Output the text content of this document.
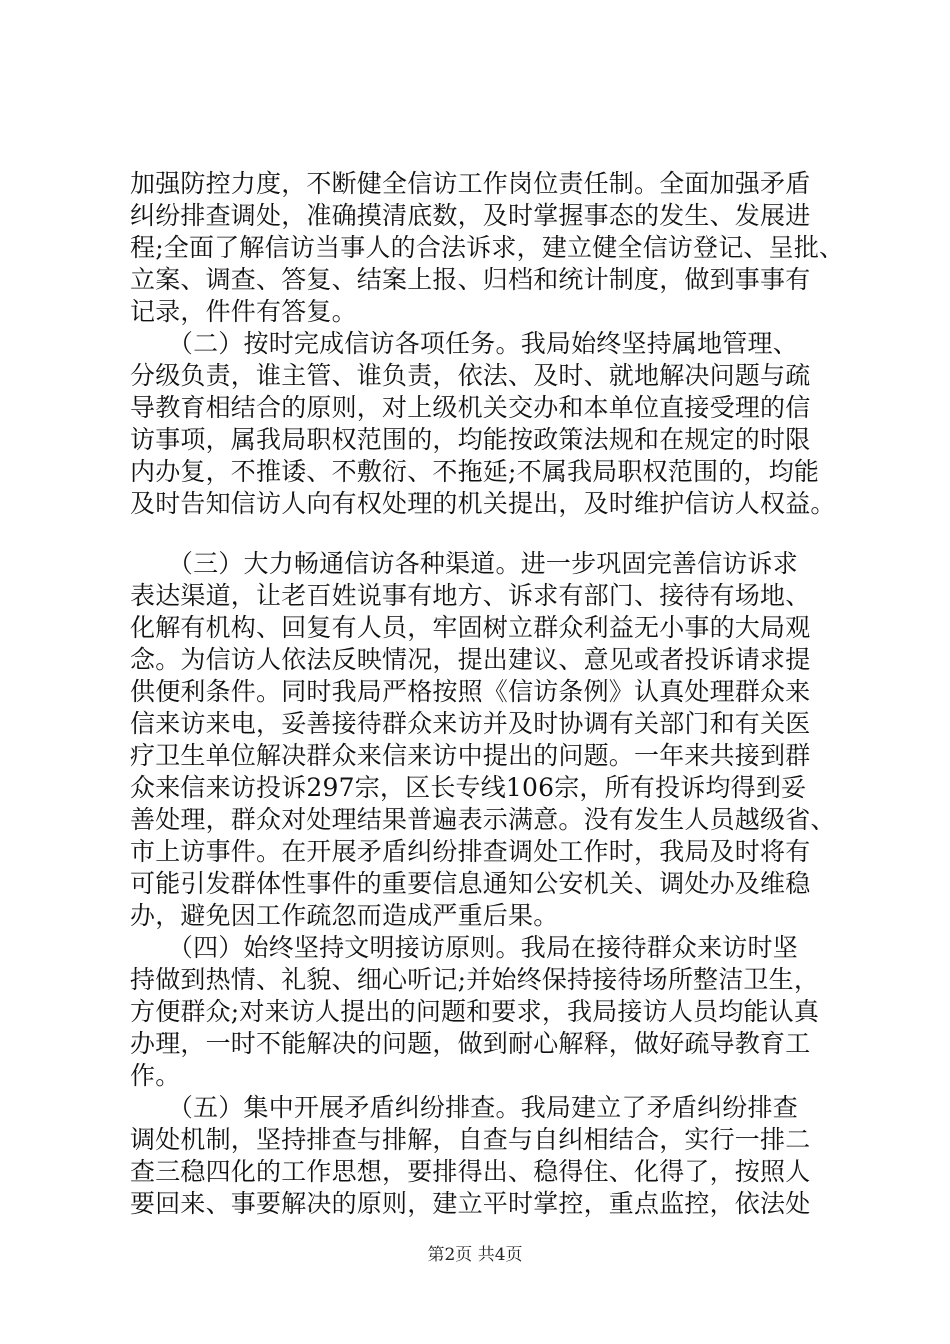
加强防控力度，不断健全信访工作岗位责任制。全面加强矛盾
纠纷排查调处，准确摸清底数，及时掌握事态的发生、发展进
程;全面了解信访当事人的合法诉求，建立健全信访登记、呈批、
立案、调查、答复、结案上报、归档和统计制度，做到事事有
记录，件件有答复。
　　（二）按时完成信访各项任务。我局始终坚持属地管理、
分级负责，谁主管、谁负责，依法、及时、就地解决问题与疏
导教育相结合的原则，对上级机关交办和本单位直接受理的信
访事项，属我局职权范围的，均能按政策法规和在规定的时限
内办复，不推诿、不敷衍、不拖延;不属我局职权范围的，均能
及时告知信访人向有权处理的机关提出，及时维护信访人权益。
　　（三）大力畅通信访各种渠道。进一步巩固完善信访诉求
表达渠道，让老百姓说事有地方、诉求有部门、接待有场地、
化解有机构、回复有人员，牢固树立群众利益无小事的大局观
念。为信访人依法反映情况，提出建议、意见或者投诉请求提
供便利条件。同时我局严格按照《信访条例》认真处理群众来
信来访来电，妥善接待群众来访并及时协调有关部门和有关医
疗卫生单位解决群众来信来访中提出的问题。一年来共接到群
众来信来访投诉297宗，区长专线106宗，所有投诉均得到妥
善处理，群众对处理结果普遍表示满意。没有发生人员越级省、
市上访事件。在开展矛盾纠纷排查调处工作时，我局及时将有
可能引发群体性事件的重要信息通知公安机关、调处办及维稳
办，避免因工作疏忽而造成严重后果。
　　（四）始终坚持文明接访原则。我局在接待群众来访时坚
持做到热情、礼貌、细心听记;并始终保持接待场所整洁卫生，
方便群众;对来访人提出的问题和要求，我局接访人员均能认真
办理，一时不能解决的问题，做到耐心解释，做好疏导教育工
作。
　　（五）集中开展矛盾纠纷排查。我局建立了矛盾纠纷排查
调处机制，坚持排查与排解，自查与自纠相结合，实行一排二
查三稳四化的工作思想，要排得出、稳得住、化得了，按照人
要回来、事要解决的原则，建立平时掌控，重点监控，依法处
第2页 共4页
